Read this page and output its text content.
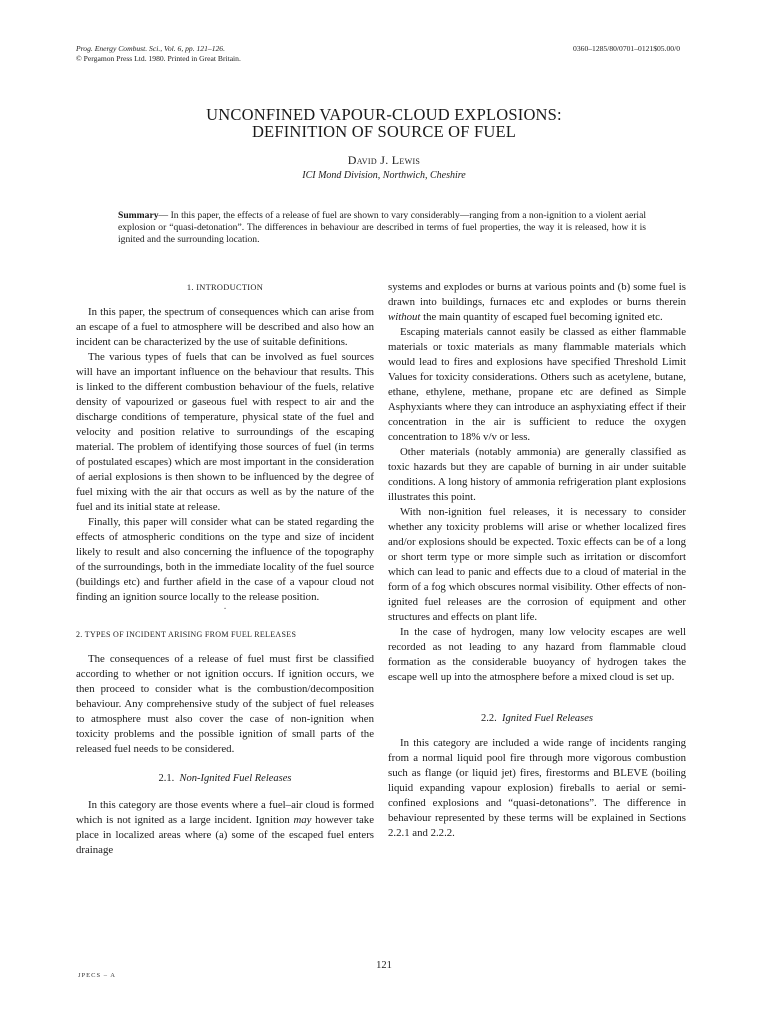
Prog. Energy Combust. Sci., Vol. 6, pp. 121–126.
© Pergamon Press Ltd. 1980. Printed in Great Britain.
0360–1285/80/0701–0121$05.00/0
UNCONFINED VAPOUR-CLOUD EXPLOSIONS:
DEFINITION OF SOURCE OF FUEL
David J. Lewis
ICI Mond Division, Northwich, Cheshire
Summary— In this paper, the effects of a release of fuel are shown to vary considerably—ranging from a non-ignition to a violent aerial explosion or “quasi-detonation”. The differences in behaviour are described in terms of fuel properties, the way it is released, how it is ignited and the surrounding location.
1. INTRODUCTION

In this paper, the spectrum of consequences which can arise from an escape of a fuel to atmosphere will be described and also how an incident can be characterized by the use of suitable definitions.

The various types of fuels that can be involved as fuel sources will have an important influence on the behaviour that results. This is linked to the different combustion behaviour of the fuels, relative density of vapourized or gaseous fuel with respect to air and the discharge conditions of temperature, physical state of the fuel and velocity and position relative to surroundings of the escaping material. The problem of identifying those sources of fuel (in terms of postulated escapes) which are most important in the consideration of aerial explosions is then shown to be influenced by the degree of fuel mixing with the air that occurs as well as by the nature of the fuel and its initial state at release.

Finally, this paper will consider what can be stated regarding the effects of atmospheric conditions on the type and size of incident likely to result and also concerning the influence of the topography of the surroundings, both in the immediate locality of the fuel source (buildings etc) and further afield in the case of a vapour cloud not finding an ignition source locally to the release position.

·
2. TYPES OF INCIDENT ARISING FROM FUEL RELEASES

The consequences of a release of fuel must first be classified according to whether or not ignition occurs. If ignition occurs, we then proceed to consider what is the combustion/decomposition behaviour. Any comprehensive study of the subject of fuel releases to atmosphere must also cover the case of non-ignition when toxicity problems and the possible ignition of small parts of the released fuel needs to be considered.

2.1. Non-Ignited Fuel Releases

In this category are those events where a fuel–air cloud is formed which is not ignited as a large incident. Ignition may however take place in localized areas where (a) some of the escaped fuel enters drainage

systems and explodes or burns at various points and (b) some fuel is drawn into buildings, furnaces etc and explodes or burns therein without the main quantity of escaped fuel becoming ignited etc.

Escaping materials cannot easily be classed as either flammable materials or toxic materials as many flammable materials which would lead to fires and explosions have specified Threshold Limit Values for toxicity considerations. Others such as acetylene, butane, ethane, ethylene, methane, propane etc are defined as Simple Asphyxiants where they can introduce an asphyxiating effect if their concentration in the air is sufficient to reduce the oxygen concentration to 18% v/v or less.

Other materials (notably ammonia) are generally classified as toxic hazards but they are capable of burning in air under suitable conditions. A long history of ammonia refrigeration plant explosions illustrates this point.

With non-ignition fuel releases, it is necessary to consider whether any toxicity problems will arise or whether localized fires and/or explosions should be expected. Toxic effects can be of a long or short term type or more simple such as irritation or discomfort which can lead to panic and effects due to a cloud of material in the form of a fog which obscures normal visibility. Other effects of non-ignited fuel releases are the corrosion of equipment and other structures and effects on plant life.

In the case of hydrogen, many low velocity escapes are well recorded as not leading to any hazard from flammable cloud formation as the considerable buoyancy of hydrogen takes the escape well up into the atmosphere before a mixed cloud is set up.

2.2. Ignited Fuel Releases

In this category are included a wide range of incidents ranging from a normal liquid pool fire through more vigorous combustion such as flange (or liquid jet) fires, firestorms and BLEVE (boiling liquid expanding vapour explosion) fireballs to aerial or semi-confined explosions and “quasi-detonations”. The difference in behaviour represented by these terms will be explained in Sections 2.2.1 and 2.2.2.

121
JPECS – A
